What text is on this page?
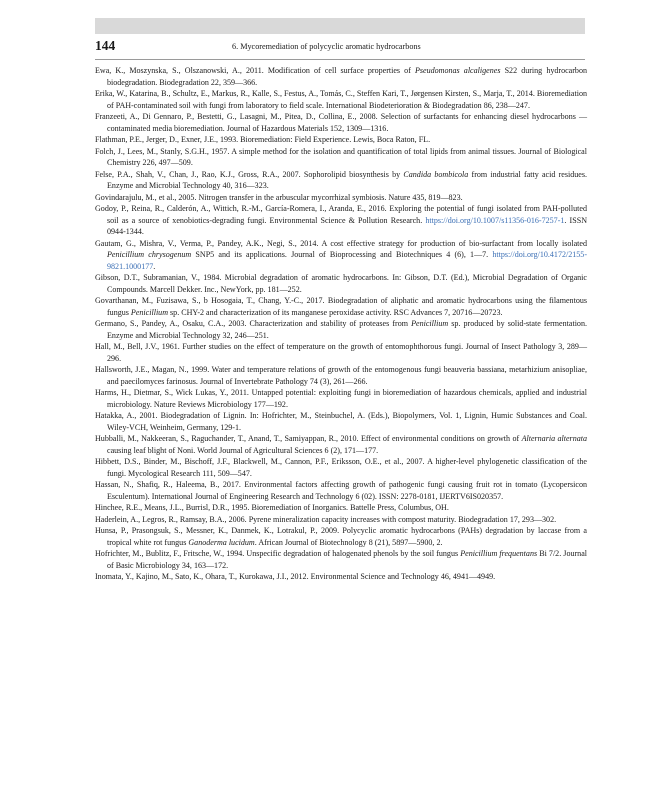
144	6. Mycoremediation of polycyclic aromatic hydrocarbons

Ewa, K., Moszynska, S., Olszanowski, A., 2011. Modification of cell surface properties of Pseudomonas alcaligenes S22 during hydrocarbon biodegradation. Biodegradation 22, 359—366.

Erika, W., Katarina, B., Schultz, E., Markus, R., Kalle, S., Festus, A., Tomás, C., Steffen Kari, T., Jørgensen Kirsten, S., Marja, T., 2014. Bioremediation of PAH-contaminated soil with fungi from laboratory to field scale. International Biodeterioration & Biodegradation 86, 238—247.

Franzeeti, A., Di Gennaro, P., Bestetti, G., Lasagni, M., Pitea, D., Collina, E., 2008. Selection of surfactants for enhancing diesel hydrocarbons — contaminated media bioremediation. Journal of Hazardous Materials 152, 1309—1316.

Flathman, P.E., Jerger, D., Exner, J.E., 1993. Bioremediation: Field Experience. Lewis, Boca Raton, FL.

Folch, J., Lees, M., Stanly, S.G.H., 1957. A simple method for the isolation and quantification of total lipids from animal tissues. Journal of Biological Chemistry 226, 497—509.

Felse, P.A., Shah, V., Chan, J., Rao, K.J., Gross, R.A., 2007. Sophorolipid biosynthesis by Candida bombicola from industrial fatty acid residues. Enzyme and Microbial Technology 40, 316—323.

Govindarajulu, M., et al., 2005. Nitrogen transfer in the arbuscular mycorrhizal symbiosis. Nature 435, 819—823.

Godoy, P., Reina, R., Calderón, A., Wittich, R.-M., García-Romera, I., Aranda, E., 2016. Exploring the potential of fungi isolated from PAH-polluted soil as a source of xenobiotics-degrading fungi. Environmental Science & Pollution Research. https://doi.org/10.1007/s11356-016-7257-1. ISSN 0944-1344.

Gautam, G., Mishra, V., Verma, P., Pandey, A.K., Negi, S., 2014. A cost effective strategy for production of bio-surfactant from locally isolated Penicillium chrysogenum SNP5 and its applications. Journal of Bioprocessing and Biotechniques 4 (6), 1—7. https://doi.org/10.4172/2155-9821.1000177.

Gibson, D.T., Subramanian, V., 1984. Microbial degradation of aromatic hydrocarbons. In: Gibson, D.T. (Ed.), Microbial Degradation of Organic Compounds. Marcell Dekker. Inc., NewYork, pp. 181—252.

Govarthanan, M., Fuzisawa, S., b Hosogaia, T., Chang, Y.-C., 2017. Biodegradation of aliphatic and aromatic hydrocarbons using the filamentous fungus Penicillium sp. CHY-2 and characterization of its manganese peroxidase activity. RSC Advances 7, 20716—20723.

Germano, S., Pandey, A., Osaku, C.A., 2003. Characterization and stability of proteases from Penicillium sp. produced by solid-state fermentation. Enzyme and Microbial Technology 32, 246—251.

Hall, M., Bell, J.V., 1961. Further studies on the effect of temperature on the growth of entomophthorous fungi. Journal of Insect Pathology 3, 289—296.

Hallsworth, J.E., Magan, N., 1999. Water and temperature relations of growth of the entomogenous fungi beauveria bassiana, metarhizium anisopliae, and paecilomyces farinosus. Journal of Invertebrate Pathology 74 (3), 261—266.

Harms, H., Dietmar, S., Wick Lukas, Y., 2011. Untapped potential: exploiting fungi in bioremediation of hazardous chemicals, applied and industrial microbiology. Nature Reviews Microbiology 177—192.

Hatakka, A., 2001. Biodegradation of Lignin. In: Hofrichter, M., Steinbuchel, A. (Eds.), Biopolymers, Vol. 1, Lignin, Humic Substances and Coal. Wiley-VCH, Weinheim, Germany, 129-1.

Hubballi, M., Nakkeeran, S., Raguchander, T., Anand, T., Samiyappan, R., 2010. Effect of environmental conditions on growth of Alternaria alternata causing leaf blight of Noni. World Journal of Agricultural Sciences 6 (2), 171—177.

Hibbett, D.S., Binder, M., Bischoff, J.F., Blackwell, M., Cannon, P.F., Eriksson, O.E., et al., 2007. A higher-level phylogenetic classification of the fungi. Mycological Research 111, 509—547.

Hassan, N., Shafiq, R., Haleema, B., 2017. Environmental factors affecting growth of pathogenic fungi causing fruit rot in tomato (Lycopersicon Esculentum). International Journal of Engineering Research and Technology 6 (02). ISSN: 2278-0181, IJERTV6IS020357.

Hinchee, R.E., Means, J.L., Burrisl, D.R., 1995. Bioremediation of Inorganics. Battelle Press, Columbus, OH.

Haderlein, A., Legros, R., Ramsay, B.A., 2006. Pyrene mineralization capacity increases with compost maturity. Biodegradation 17, 293—302.

Hunsa, P., Prasongsuk, S., Messner, K., Danmek, K., Lotrakul, P., 2009. Polycyclic aromatic hydrocarbons (PAHs) degradation by laccase from a tropical white rot fungus Ganoderma lucidum. African Journal of Biotechnology 8 (21), 5897—5900, 2.

Hofrichter, M., Bublitz, F., Fritsche, W., 1994. Unspecific degradation of halogenated phenols by the soil fungus Penicillium frequentans Bi 7/2. Journal of Basic Microbiology 34, 163—172.

Inomata, Y., Kajino, M., Sato, K., Ohara, T., Kurokawa, J.I., 2012. Environmental Science and Technology 46, 4941—4949.
